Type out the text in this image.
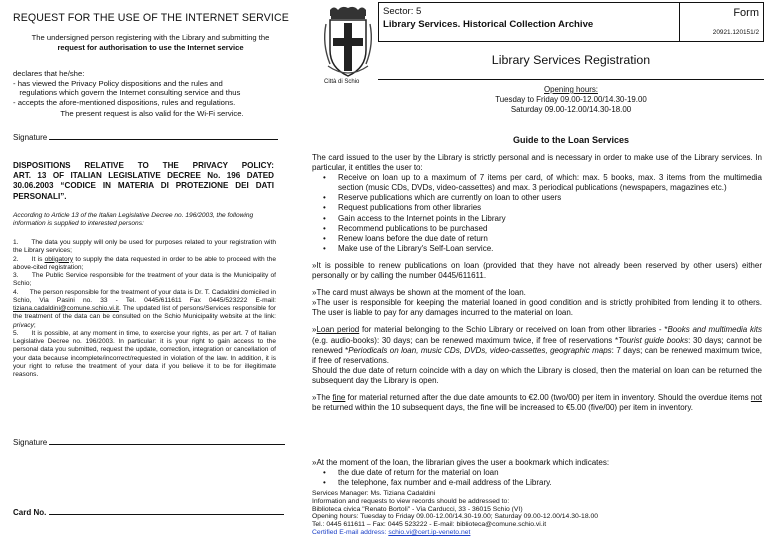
REQUEST FOR THE USE OF THE INTERNET SERVICE
The undersigned person registering with the Library and submitting the
request for authorisation to use the Internet service
declares that he/she:
- has viewed the Privacy Policy dispositions and the rules and
regulations which govern the Internet consulting service and thus
- accepts the afore-mentioned dispositions, rules and regulations.
The present request is also valid for the Wi-Fi service.
Signature
DISPOSITIONS RELATIVE TO THE PRIVACY POLICY:
ART. 13 OF ITALIAN LEGISLATIVE DECREE No. 196 DATED
30.06.2003 “CODICE IN MATERIA DI PROTEZIONE DEI DATI
PERSONALI”.
According to Article 13 of the Italian Legislative Decree no. 196/2003, the following information is supplied to interested persons:

1.      The data you supply will only be used for purposes related to your registration with the Library services;

2.      It is obligatory to supply the data requested in order to be able to proceed with the above-cited registration;

3.      The Public Service responsible for the treatment of your data is the Municipality of Schio;

4.      The person responsible for the treatment of your data is Dr. T. Cadaldini domiciled in Schio, Via Pasini no. 33 - Tel. 0445/611611 Fax 0445/523222 E-mail: tiziana.cadaldini@comune.schio.vi.it. The updated list of persons/Services responsible for the treatment of the data can be consulted on the Schio Municipality website at the link: privacy;

5.      It is possible, at any moment in time, to exercise your rights, as per art. 7 of Italian Legislative Decree no. 196/2003. In particular: it is your right to gain access to the personal data you submitted, request the update, correction, integration or cancellation of your data because incomplete/incorrect/requested in violation of the law. In addition, it is your right to refuse the treatment of your data if you believe it to be for illegitimate reasons.

Signature
Card No.
Città di Schio
Sector: 5
Library Services. Historical Collection Archive
Form
20921.120151/2
Library Services Registration
Opening hours:
Tuesday to Friday 09.00-12.00/14.30-19.00
Saturday 09.00-12.00/14.30-18.00
Guide to the Loan Services

The card issued to the user by the Library is strictly personal and is necessary in order to make use of the Library services. In particular, it entitles the user to:

• Receive on loan up to a maximum of 7 items per card, of which: max. 5 books, max. 3 items from the multimedia section (music CDs, DVDs, video-cassettes) and max. 3 periodical publications (newspapers, magazines etc.)
• Reserve publications which are currently on loan to other users
• Request publications from other libraries
• Gain access to the Internet points in the Library
• Recommend publications to be purchased
• Renew loans before the due date of return
• Make use of the Library's Self-Loan service.

»It is possible to renew publications on loan (provided that they have not already been reserved by other users) either personally or by calling the number 0445/611611.

»The card must always be shown at the moment of the loan.

»The user is responsible for keeping the material loaned in good condition and is strictly prohibited from lending it to others. The user is liable to pay for any damages incurred to the material on loan.

»Loan period for material belonging to the Schio Library or received on loan from other libraries - *Books and multimedia kits (e.g. audio-books): 30 days; can be renewed maximum twice, if free of reservations *Tourist guide books: 30 days; cannot be renewed *Periodicals on loan, music CDs, DVDs, video-cassettes, geographic maps: 7 days; can be renewed maximum twice, if free of reservations.

Should the due date of return coincide with a day on which the Library is closed, then the material on loan can be returned the subsequent day the Library is open.

»The fine for material returned after the due date amounts to €2.00 (two/00) per item in inventory. Should the overdue items not be returned within the 10 subsequent days, the fine will be increased to €5.00 (five/00) per item in inventory.

»At the moment of the loan, the librarian gives the user a bookmark which indicates:

• the due date of return for the material on loan
• the telephone, fax number and e-mail address of the Library.
Services Manager: Ms. Tiziana Cadaldini
Information and requests to view records should be addressed to:
Biblioteca civica "Renato Bortoli" - Via Carducci, 33 - 36015 Schio (VI)
Opening hours: Tuesday to Friday 09.00-12.00/14.30-19.00; Saturday 09.00-12.00/14.30-18.00
Tel.: 0445 611611 – Fax: 0445 523222 - E-mail: biblioteca@comune.schio.vi.it
Certified E-mail address: schio.vi@cert.ip-veneto.net
